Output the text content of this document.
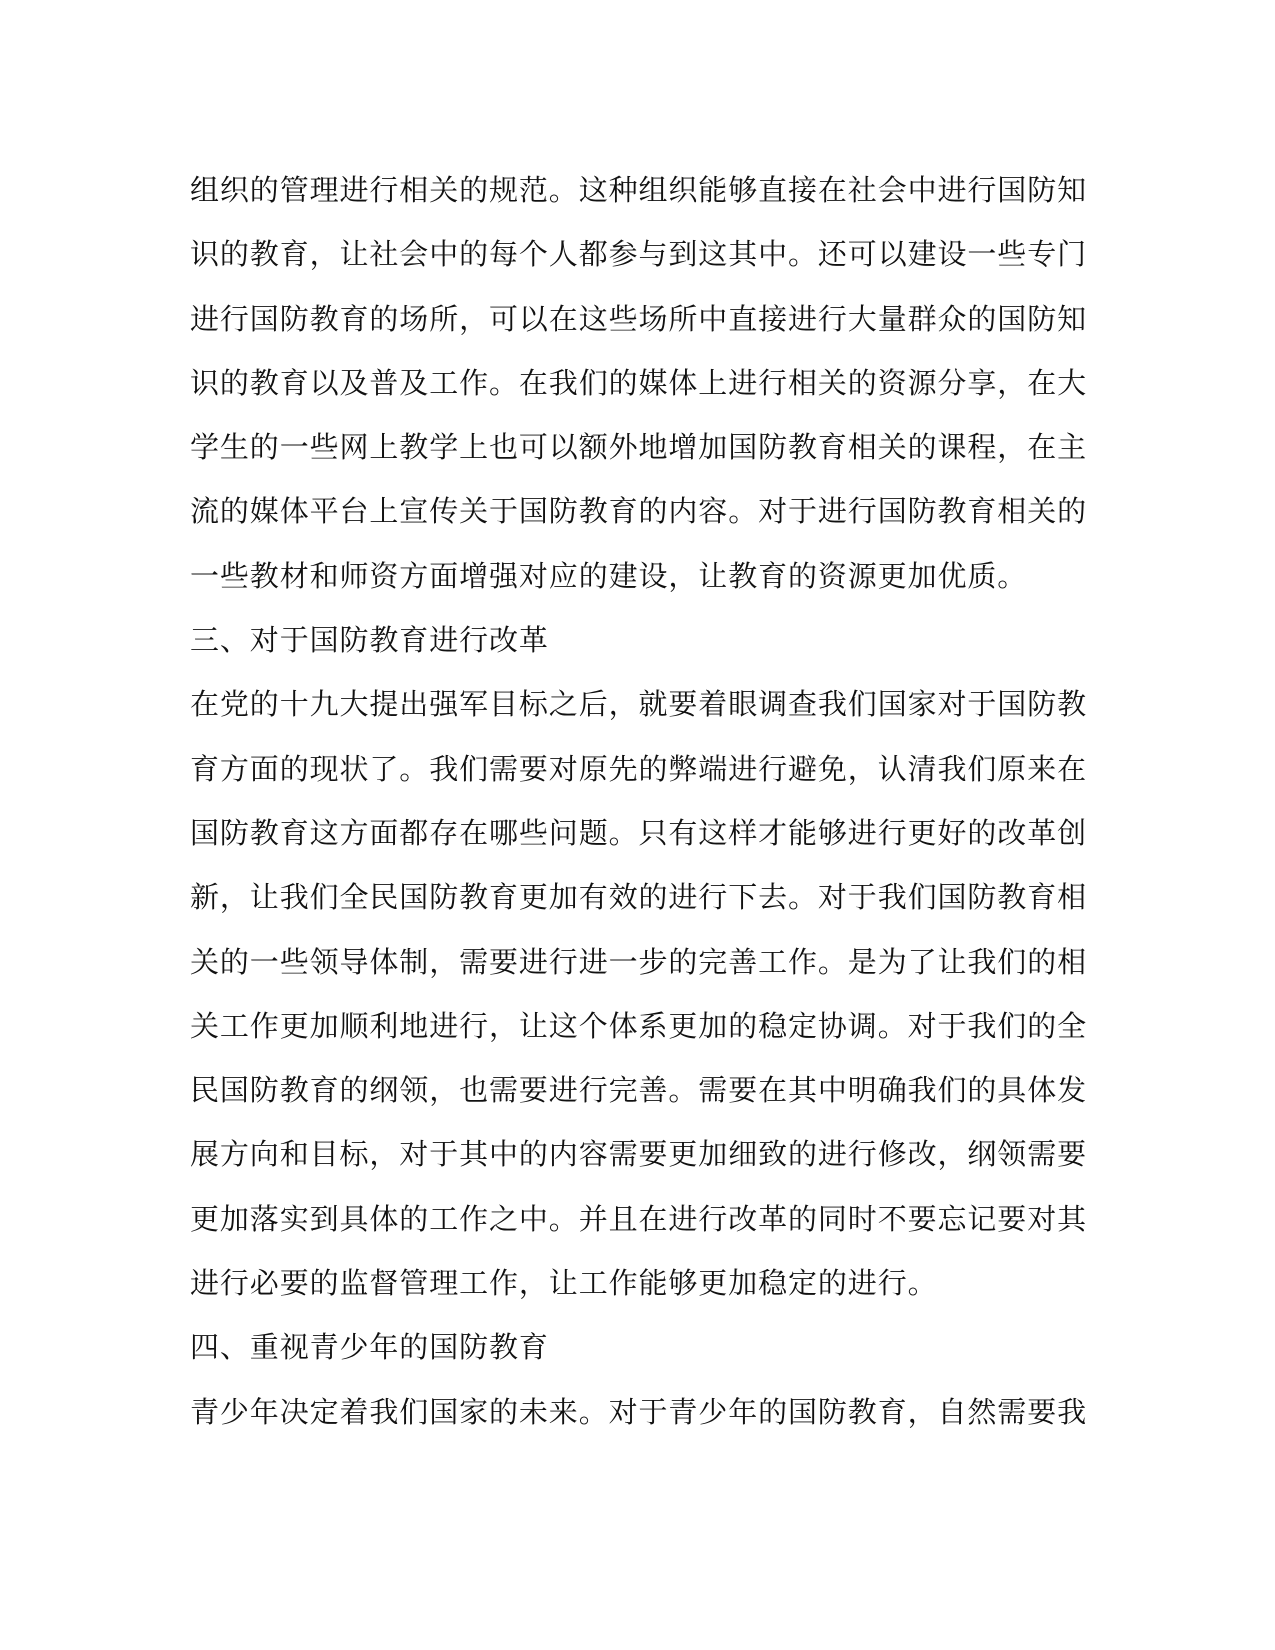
组织的管理进行相关的规范。这种组织能够直接在社会中进行国防知
识的教育，让社会中的每个人都参与到这其中。还可以建设一些专门
进行国防教育的场所，可以在这些场所中直接进行大量群众的国防知
识的教育以及普及工作。在我们的媒体上进行相关的资源分享，在大
学生的一些网上教学上也可以额外地增加国防教育相关的课程，在主
流的媒体平台上宣传关于国防教育的内容。对于进行国防教育相关的
一些教材和师资方面增强对应的建设，让教育的资源更加优质。
三、对于国防教育进行改革
在党的十九大提出强军目标之后，就要着眼调查我们国家对于国防教
育方面的现状了。我们需要对原先的弊端进行避免，认清我们原来在
国防教育这方面都存在哪些问题。只有这样才能够进行更好的改革创
新，让我们全民国防教育更加有效的进行下去。对于我们国防教育相
关的一些领导体制，需要进行进一步的完善工作。是为了让我们的相
关工作更加顺利地进行，让这个体系更加的稳定协调。对于我们的全
民国防教育的纲领，也需要进行完善。需要在其中明确我们的具体发
展方向和目标，对于其中的内容需要更加细致的进行修改，纲领需要
更加落实到具体的工作之中。并且在进行改革的同时不要忘记要对其
进行必要的监督管理工作，让工作能够更加稳定的进行。
四、重视青少年的国防教育
青少年决定着我们国家的未来。对于青少年的国防教育，自然需要我
